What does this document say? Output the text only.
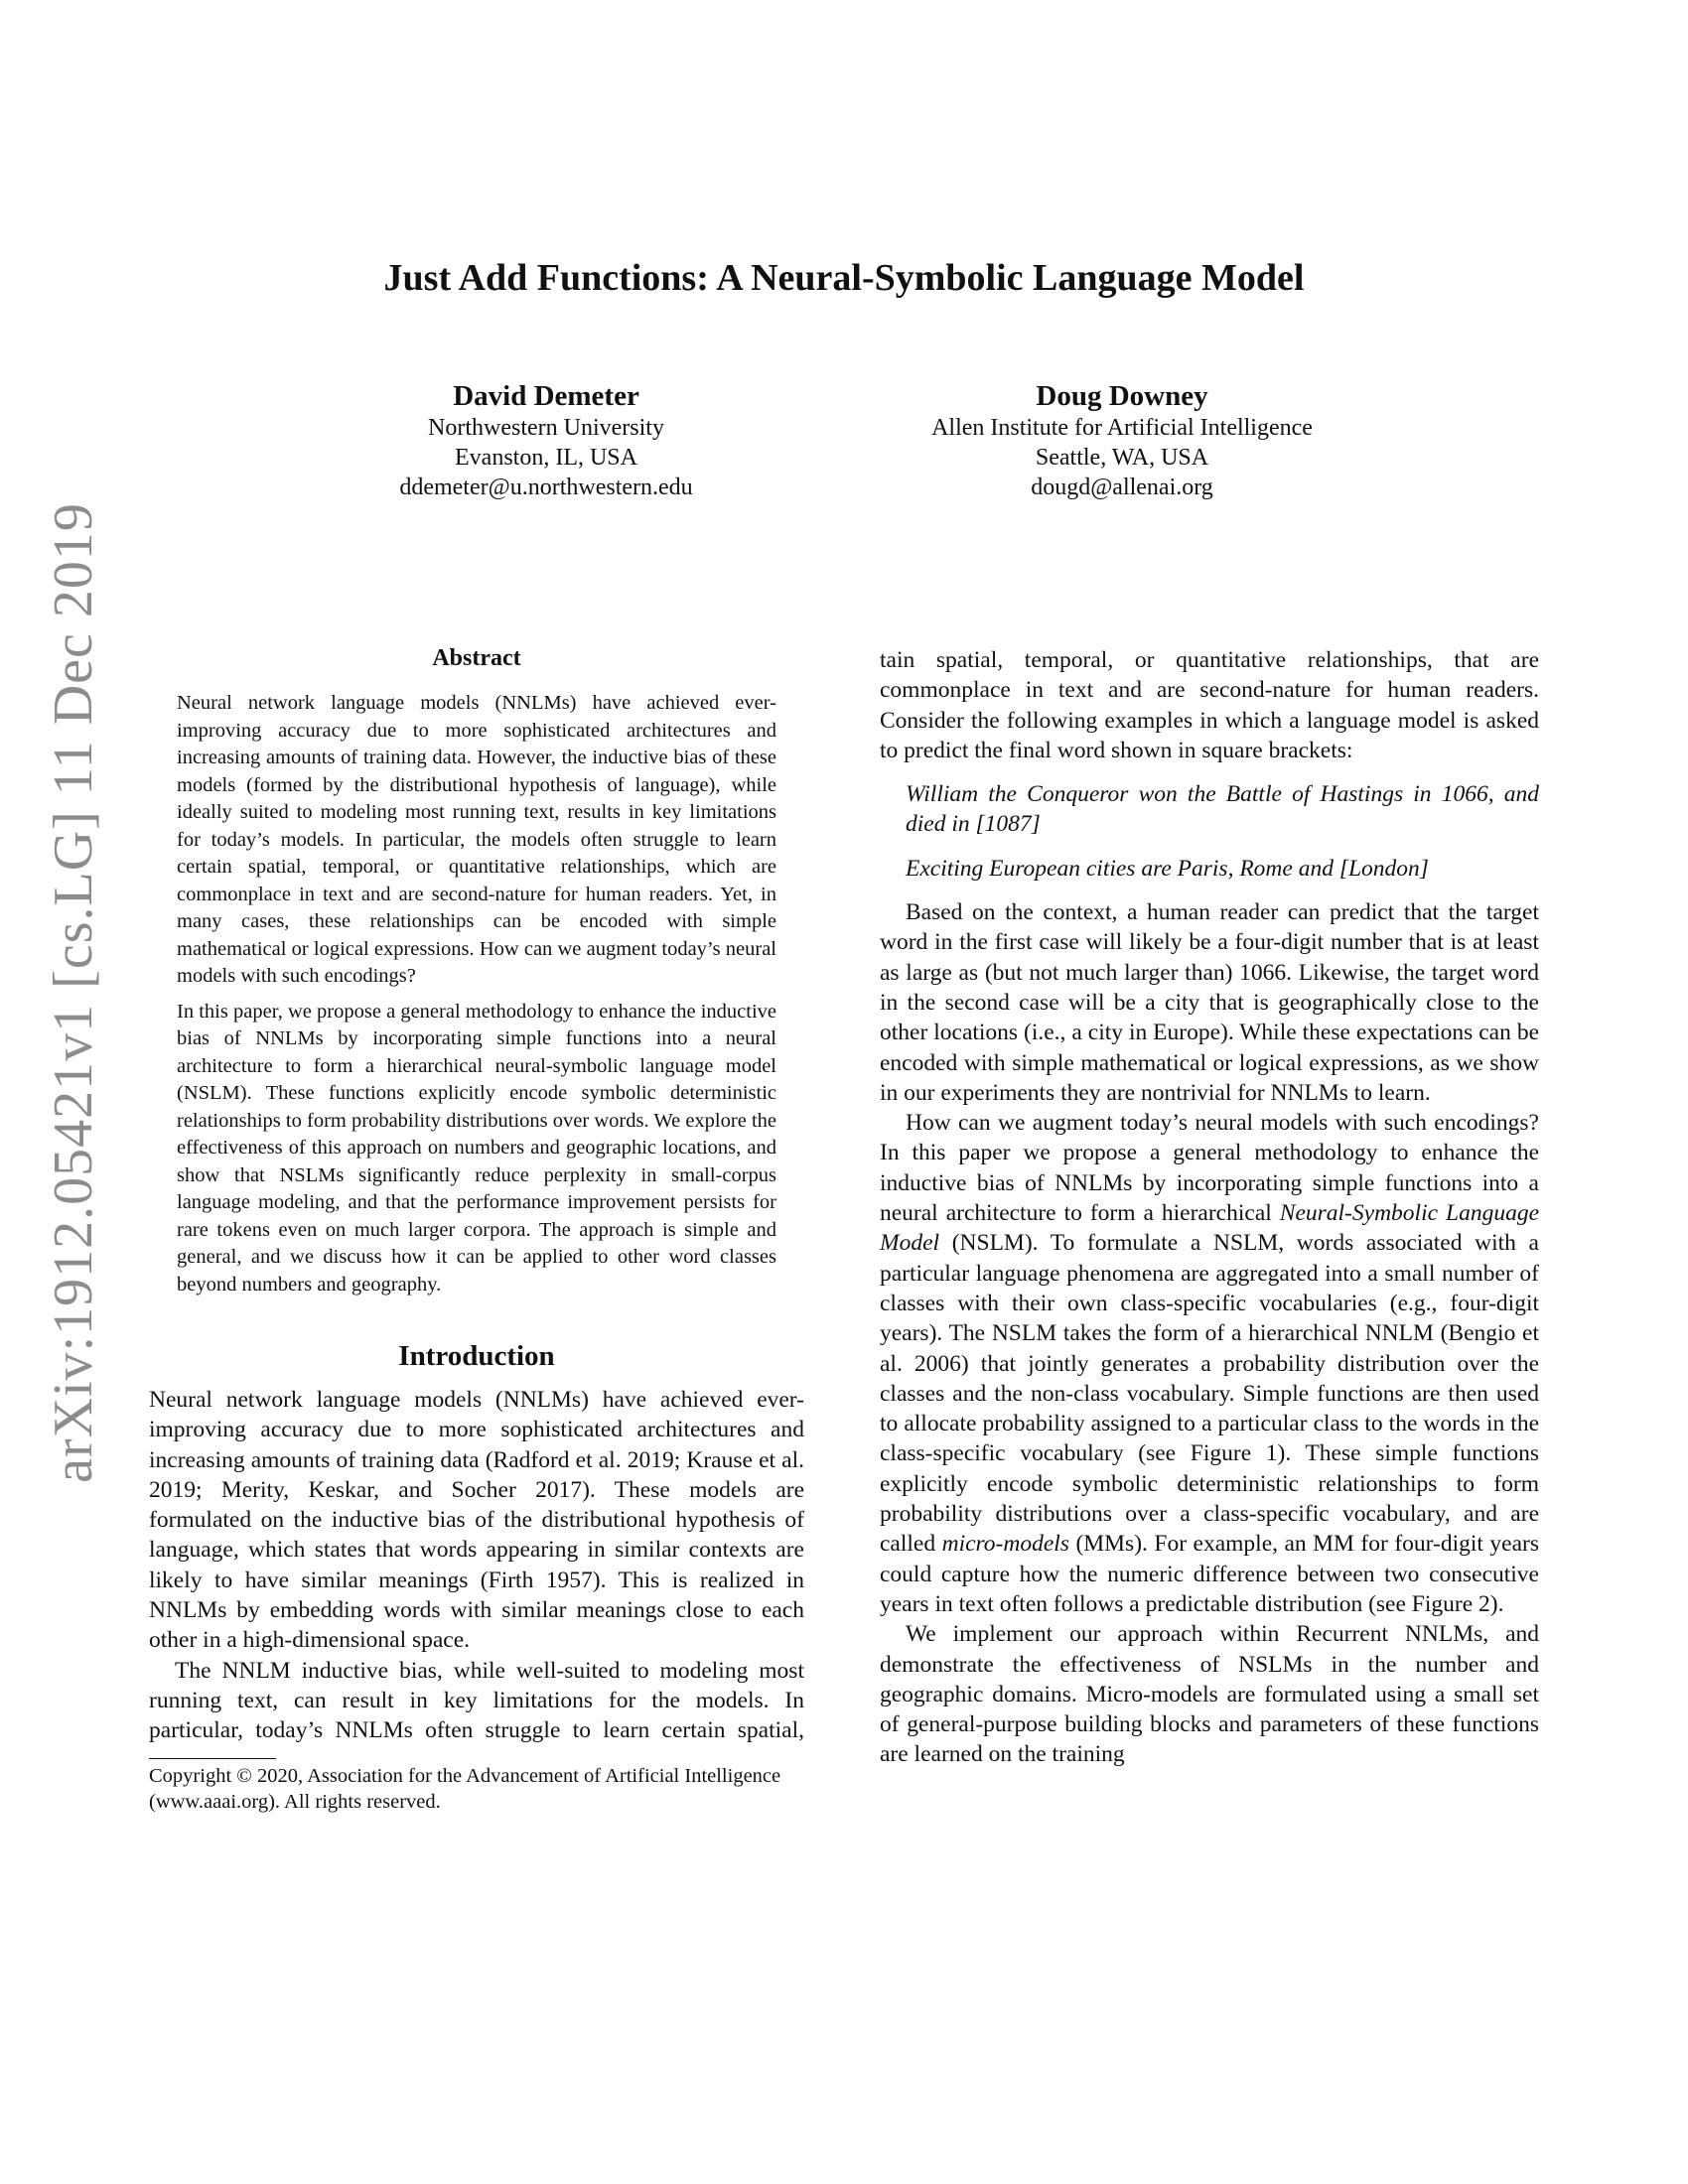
arXiv:1912.05421v1 [cs.LG] 11 Dec 2019
Just Add Functions: A Neural-Symbolic Language Model
David Demeter
Northwestern University
Evanston, IL, USA
ddemeter@u.northwestern.edu
Doug Downey
Allen Institute for Artificial Intelligence
Seattle, WA, USA
dougd@allenai.org
Abstract

Neural network language models (NNLMs) have achieved ever-improving accuracy due to more sophisticated architectures and increasing amounts of training data. However, the inductive bias of these models (formed by the distributional hypothesis of language), while ideally suited to modeling most running text, results in key limitations for today’s models. In particular, the models often struggle to learn certain spatial, temporal, or quantitative relationships, which are commonplace in text and are second-nature for human readers. Yet, in many cases, these relationships can be encoded with simple mathematical or logical expressions. How can we augment today’s neural models with such encodings?

In this paper, we propose a general methodology to enhance the inductive bias of NNLMs by incorporating simple functions into a neural architecture to form a hierarchical neural-symbolic language model (NSLM). These functions explicitly encode symbolic deterministic relationships to form probability distributions over words. We explore the effectiveness of this approach on numbers and geographic locations, and show that NSLMs significantly reduce perplexity in small-corpus language modeling, and that the performance improvement persists for rare tokens even on much larger corpora. The approach is simple and general, and we discuss how it can be applied to other word classes beyond numbers and geography.

Introduction

Neural network language models (NNLMs) have achieved ever-improving accuracy due to more sophisticated architectures and increasing amounts of training data (Radford et al. 2019; Krause et al. 2019; Merity, Keskar, and Socher 2017). These models are formulated on the inductive bias of the distributional hypothesis of language, which states that words appearing in similar contexts are likely to have similar meanings (Firth 1957). This is realized in NNLMs by embedding words with similar meanings close to each other in a high-dimensional space.

The NNLM inductive bias, while well-suited to modeling most running text, can result in key limitations for the models. In particular, today’s NNLMs often struggle to learn certain spatial,

Copyright © 2020, Association for the Advancement of Artificial Intelligence (www.aaai.org). All rights reserved.

tain spatial, temporal, or quantitative relationships, that are commonplace in text and are second-nature for human readers. Consider the following examples in which a language model is asked to predict the final word shown in square brackets:

William the Conqueror won the Battle of Hastings in 1066, and died in [1087]
Exciting European cities are Paris, Rome and [London]

Based on the context, a human reader can predict that the target word in the first case will likely be a four-digit number that is at least as large as (but not much larger than) 1066. Likewise, the target word in the second case will be a city that is geographically close to the other locations (i.e., a city in Europe). While these expectations can be encoded with simple mathematical or logical expressions, as we show in our experiments they are nontrivial for NNLMs to learn.

How can we augment today’s neural models with such encodings? In this paper we propose a general methodology to enhance the inductive bias of NNLMs by incorporating simple functions into a neural architecture to form a hierarchical Neural-Symbolic Language Model (NSLM). To formulate a NSLM, words associated with a particular language phenomena are aggregated into a small number of classes with their own class-specific vocabularies (e.g., four-digit years). The NSLM takes the form of a hierarchical NNLM (Bengio et al. 2006) that jointly generates a probability distribution over the classes and the non-class vocabulary. Simple functions are then used to allocate probability assigned to a particular class to the words in the class-specific vocabulary (see Figure 1). These simple functions explicitly encode symbolic deterministic relationships to form probability distributions over a class-specific vocabulary, and are called micro-models (MMs). For example, an MM for four-digit years could capture how the numeric difference between two consecutive years in text often follows a predictable distribution (see Figure 2).

We implement our approach within Recurrent NNLMs, and demonstrate the effectiveness of NSLMs in the number and geographic domains. Micro-models are formulated using a small set of general-purpose building blocks and parameters of these functions are learned on the training
